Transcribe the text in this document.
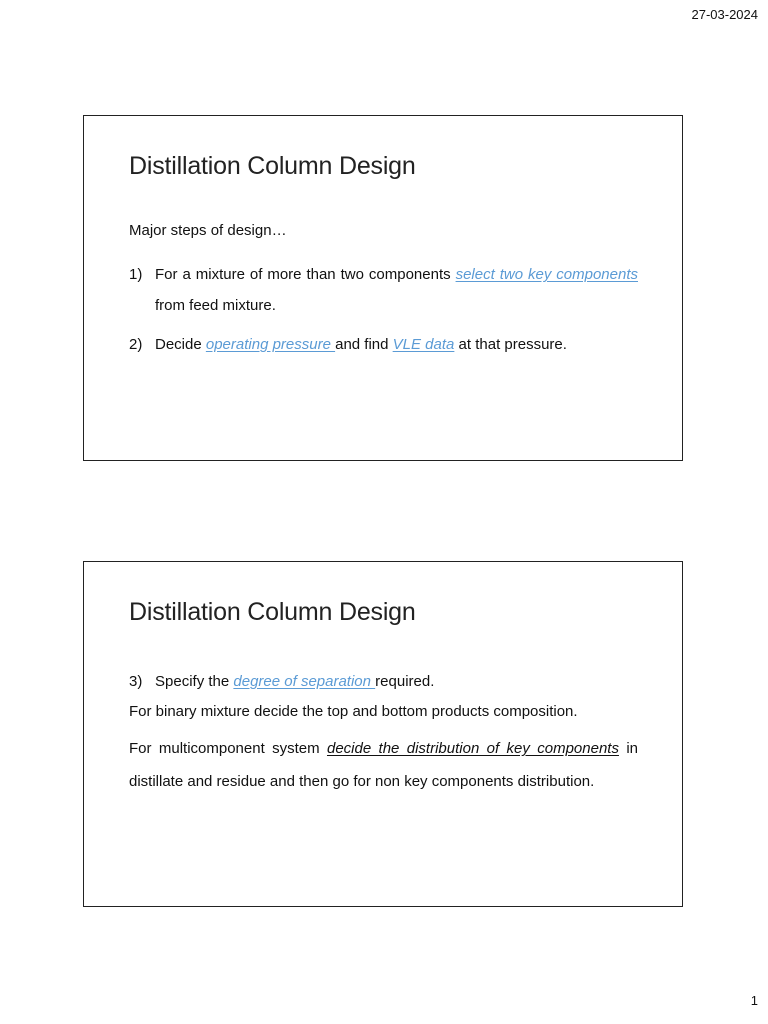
27-03-2024
Distillation Column Design

Major steps of design…

1) For a mixture of more than two components select two key components from feed mixture.
2) Decide operating pressure and find VLE data at that pressure.
Distillation Column Design
3) Specify the degree of separation required.

For binary mixture decide the top and bottom products composition.

For multicomponent system decide the distribution of key components in distillate and residue and then go for non key components distribution.

1
